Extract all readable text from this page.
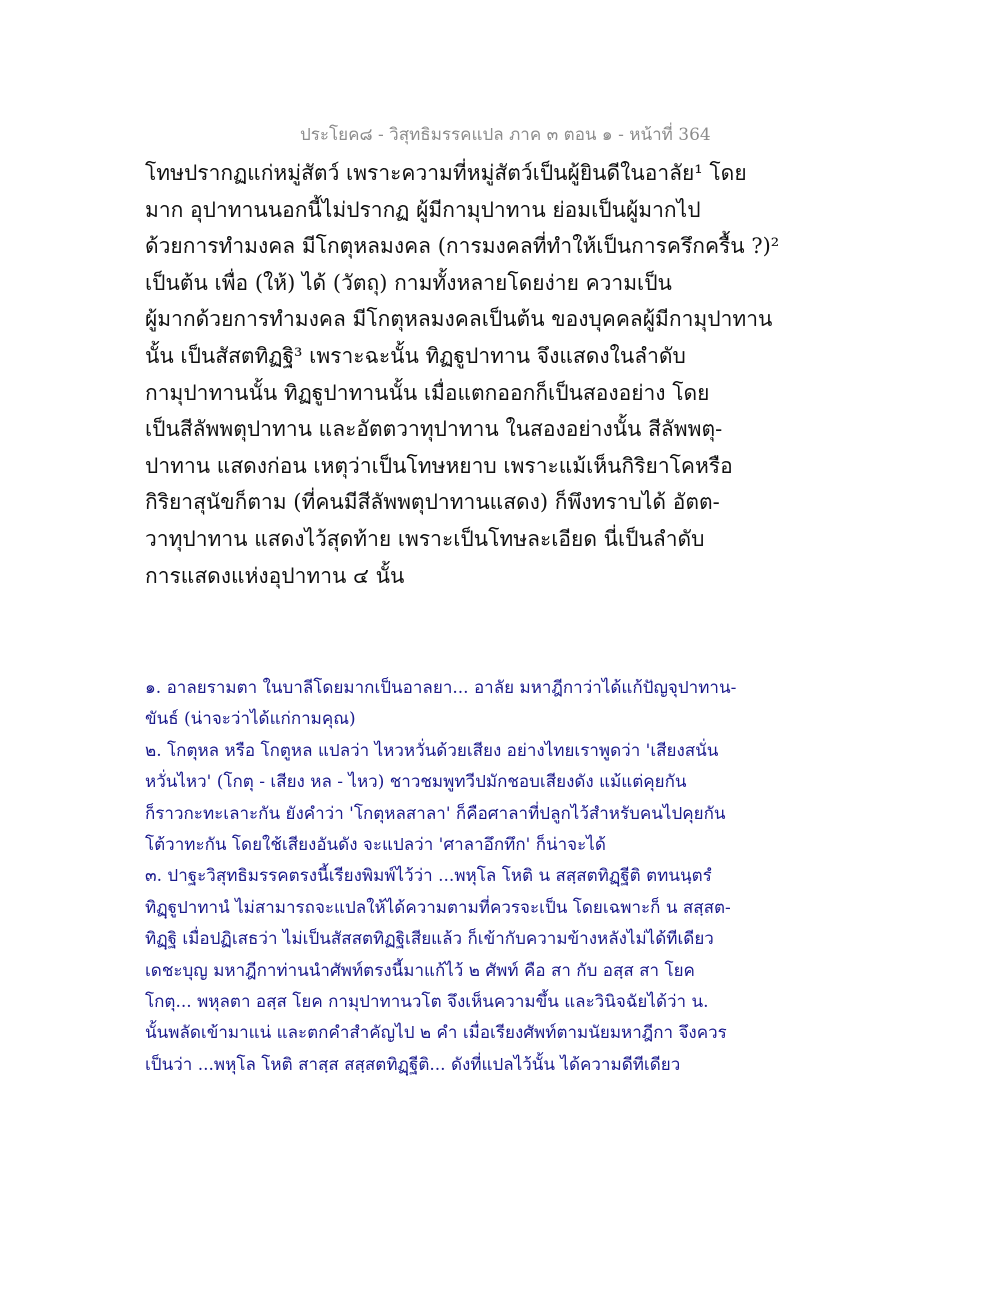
ประโยค๘ - วิสุทธิมรรคแปล ภาค ๓ ตอน ๑ - หน้าที่ 364
โทษปรากฏแก่หมู่สัตว์ เพราะความที่หมู่สัตว์เป็นผู้ยินดีในอาลัย¹ โดย
มาก อุปาทานนอกนี้ไม่ปรากฏ ผู้มีกามุปาทาน ย่อมเป็นผู้มากไป
ด้วยการทำมงคล มีโกตุหลมงคล (การมงคลที่ทำให้เป็นการครึกครื้น ?)²
เป็นต้น เพื่อ (ให้) ได้ (วัตถุ) กามทั้งหลายโดยง่าย ความเป็น
ผู้มากด้วยการทำมงคล มีโกตุหลมงคลเป็นต้น ของบุคคลผู้มีกามุปาทาน
นั้น เป็นสัสตทิฏฐิ³ เพราะฉะนั้น ทิฏฐูปาทาน จึงแสดงในลำดับ
กามุปาทานนั้น ทิฏฐูปาทานนั้น เมื่อแตกออกก็เป็นสองอย่าง โดย
เป็นสีลัพพตุปาทาน และอัตตวาทุปาทาน ในสองอย่างนั้น สีลัพพตุ-
ปาทาน แสดงก่อน เหตุว่าเป็นโทษหยาบ เพราะแม้เห็นกิริยาโคหรือ
กิริยาสุนัขก็ตาม (ที่คนมีสีลัพพตุปาทานแสดง) ก็พึงทราบได้ อัตต-
วาทุปาทาน แสดงไว้สุดท้าย เพราะเป็นโทษละเอียด นี่เป็นลำดับ
การแสดงแห่งอุปาทาน ๔ นั้น
๑. อาลยรามตา ในบาลีโดยมากเป็นอาลยา... อาลัย มหาฎีกาว่าได้แก้ปัญจุปาทาน-
ขันธ์ (น่าจะว่าได้แก่กามคุณ)
๒. โกตุหล หรือ โกตูหล แปลว่า ไหวหวั่นด้วยเสียง อย่างไทยเราพูดว่า 'เสียงสนั่น
หวั่นไหว' (โกตุ - เสียง หล - ไหว) ชาวชมพูทวีปมักชอบเสียงดัง แม้แต่คุยกัน
ก็ราวกะทะเลาะกัน ยังคำว่า 'โกตุหลสาลา' ก็คือศาลาที่ปลูกไว้สำหรับคนไปคุยกัน
โต้วาทะกัน โดยใช้เสียงอันดัง จะแปลว่า 'ศาลาอึกทึก' ก็น่าจะได้
๓. ปาฐะวิสุทธิมรรคตรงนี้เรียงพิมพ์ไว้ว่า ...พหุโล โหติ น สสฺสตทิฏฺฐีติ ตทนนฺตรํ
ทิฏฺฐูปาทานํ ไม่สามารถจะแปลให้ได้ความตามที่ควรจะเป็น โดยเฉพาะก็ น สสฺสต-
ทิฏฺฐิ เมื่อปฏิเสธว่า ไม่เป็นสัสสตทิฏฐิเสียแล้ว ก็เข้ากับความข้างหลังไม่ได้ทีเดียว
เดชะบุญ มหาฎีกาท่านนำศัพท์ตรงนี้มาแก้ไว้ ๒ ศัพท์ คือ สา กับ อสฺส สา โยค
โกตุ... พหุลตา อสฺส โยค กามุปาทานวโต จึงเห็นความขึ้น และวินิจฉัยได้ว่า น.
นั้นพลัดเข้ามาแน่ และตกคำสำคัญไป ๒ คำ เมื่อเรียงศัพท์ตามนัยมหาฎีกา จึงควร
เป็นว่า ...พหุโล โหติ สาสฺส สสฺสตทิฏฺฐีติ... ดังที่แปลไว้นั้น ได้ความดีทีเดียว
